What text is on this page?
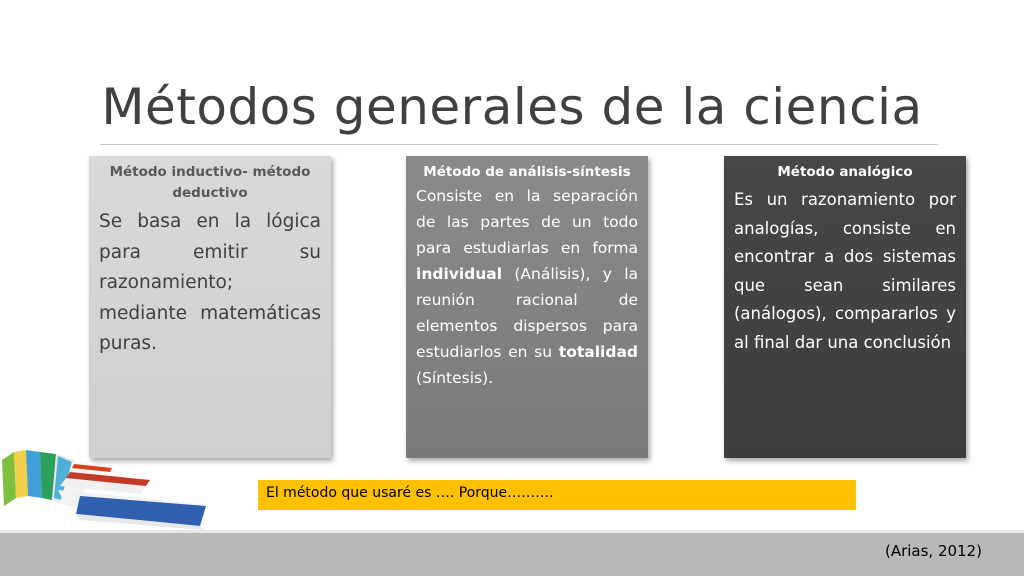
Métodos generales de la ciencia
Método inductivo- método deductivo
Se basa en la lógica para emitir su razonamiento; mediante matemáticas puras.
Método de análisis-síntesis
Consiste en la separación de las partes de un todo para estudiarlas en forma individual (Análisis), y la reunión racional de elementos dispersos para estudiarlos en su totalidad (Síntesis).
Método analógico
Es un razonamiento por analogías, consiste en encontrar a dos sistemas que sean similares (análogos), compararlos y al final dar una conclusión
El método que usaré es …. Porque……….
(Arias, 2012)
